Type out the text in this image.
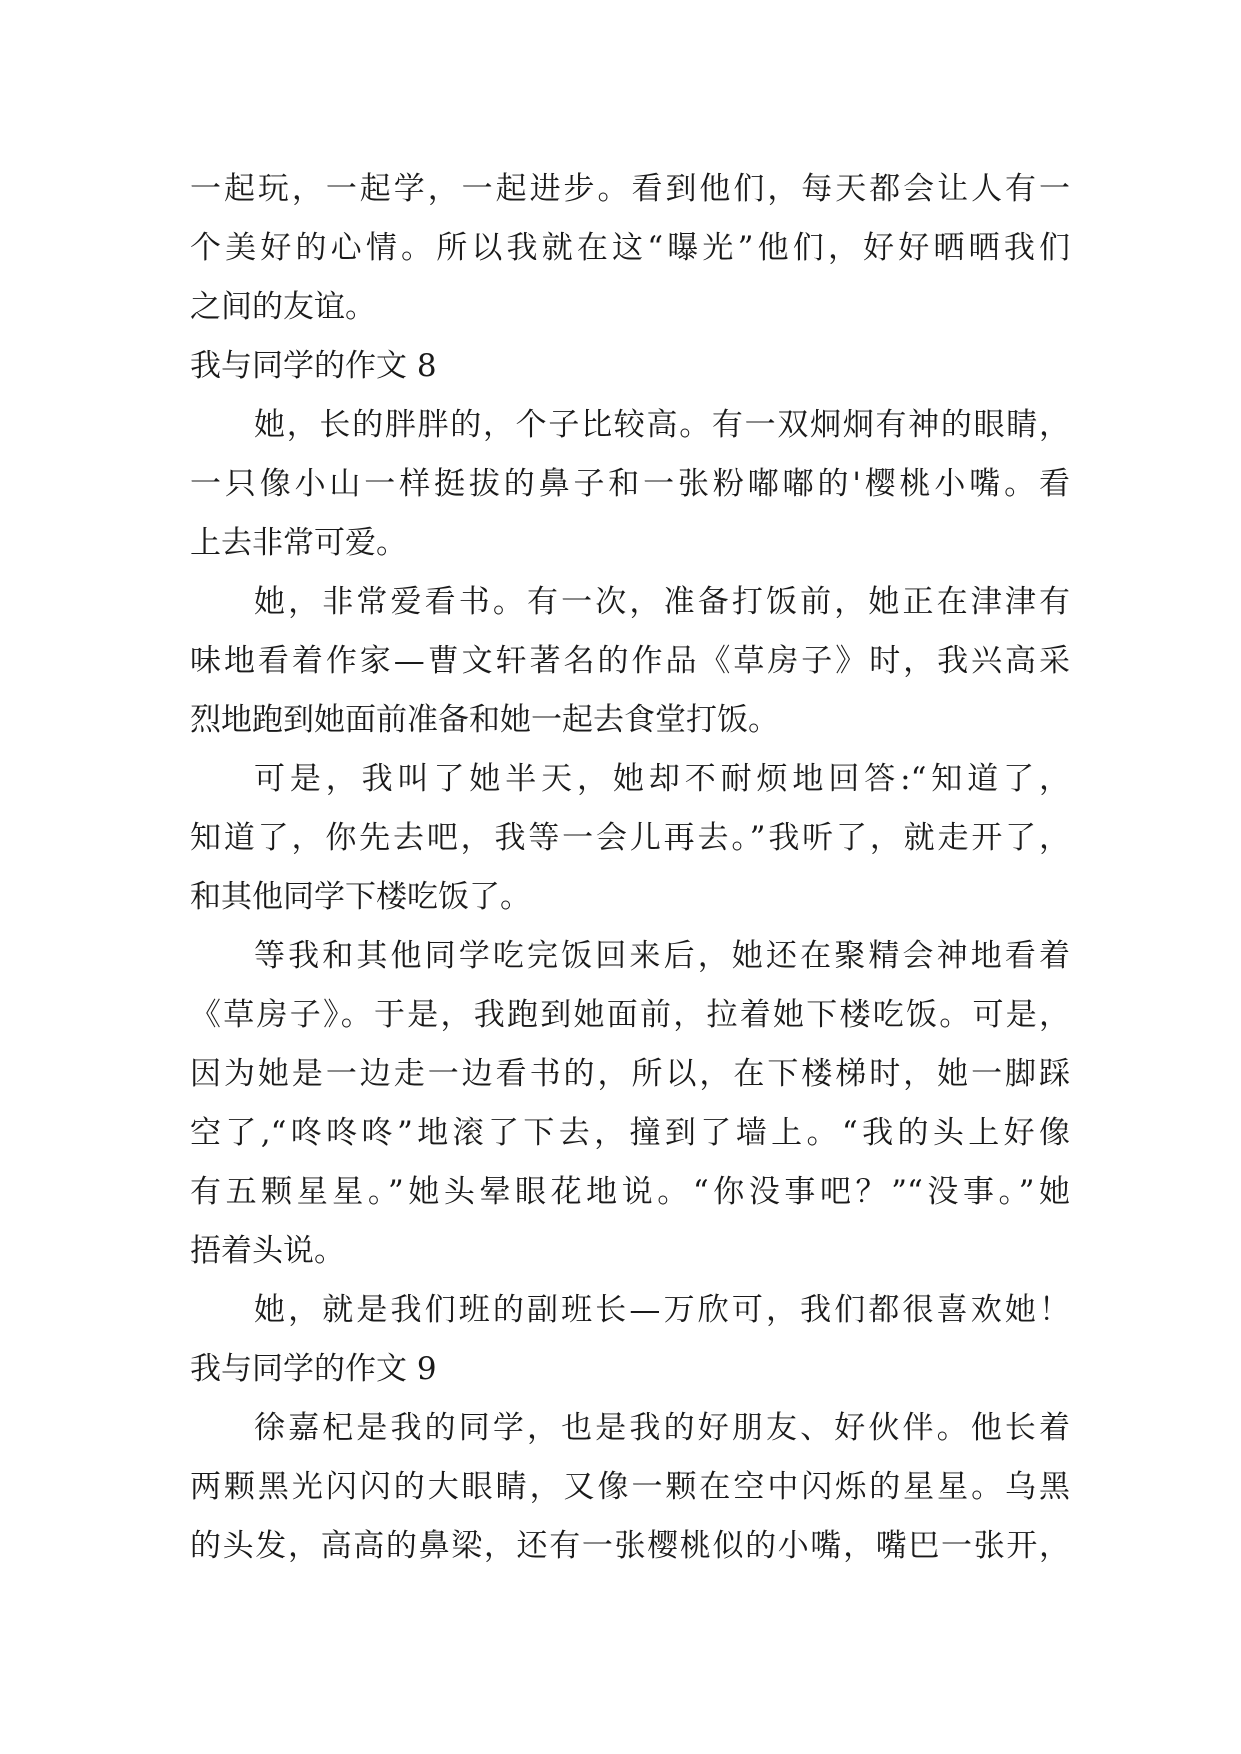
一起玩，一起学，一起进步。看到他们，每天都会让人有一
个美好的心情。所以我就在这“曝光”他们，好好晒晒我们
之间的友谊。
我与同学的作文 8
她，长的胖胖的，个子比较高。有一双炯炯有神的眼睛，
一只像小山一样挺拔的鼻子和一张粉嘟嘟的'樱桃小嘴。看
上去非常可爱。
她，非常爱看书。有一次，准备打饭前，她正在津津有
味地看着作家—曹文轩著名的作品《草房子》时，我兴高采
烈地跑到她面前准备和她一起去食堂打饭。
可是，我叫了她半天，她却不耐烦地回答:“知道了，
知道了，你先去吧，我等一会儿再去。”我听了，就走开了，
和其他同学下楼吃饭了。
等我和其他同学吃完饭回来后，她还在聚精会神地看着
《草房子》。于是，我跑到她面前，拉着她下楼吃饭。可是，
因为她是一边走一边看书的，所以，在下楼梯时，她一脚踩
空了,“咚咚咚”地滚了下去，撞到了墙上。“我的头上好像
有五颗星星。”她头晕眼花地说。“你没事吧？”“没事。”她
捂着头说。
她，就是我们班的副班长—万欣可，我们都很喜欢她！
我与同学的作文 9
徐嘉杞是我的同学，也是我的好朋友、好伙伴。他长着
两颗黑光闪闪的大眼睛，又像一颗在空中闪烁的星星。乌黑
的头发，高高的鼻梁，还有一张樱桃似的小嘴，嘴巴一张开，
